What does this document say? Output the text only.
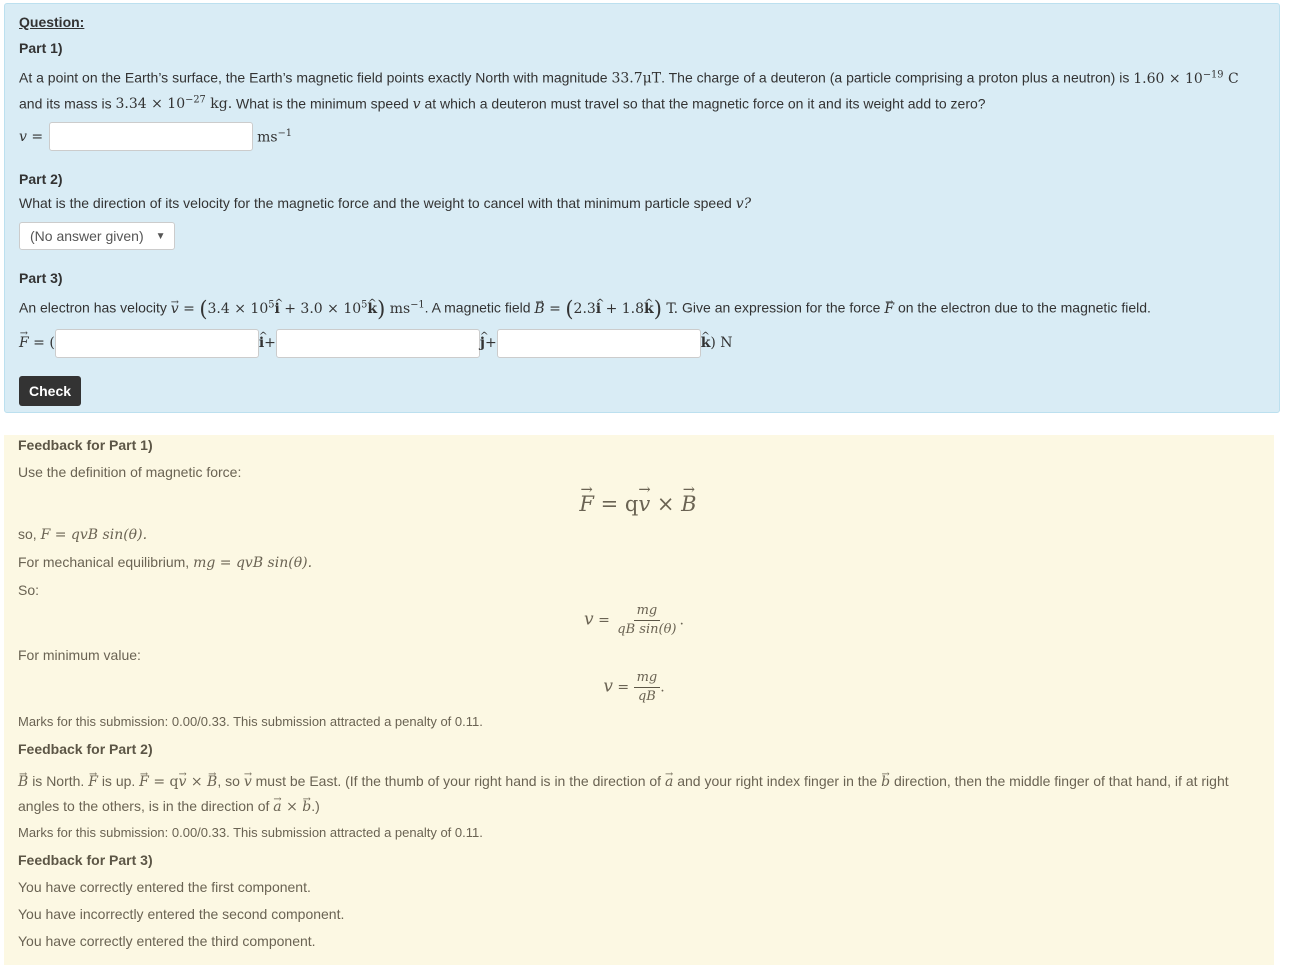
Question:

Part 1)

At a point on the Earth’s surface, the Earth’s magnetic field points exactly North with magnitude 33.7μT. The charge of a deuteron (a particle comprising a proton plus a neutron) is $1.60 \times 10^{-19}$ C
and its mass is $3.34 \times 10^{-27}$ kg. What is the minimum speed v at which a deuteron must travel so that the magnetic force on it and its weight add to zero?

v =	$ms^{-1}$

Part 2)

What is the direction of its velocity for the magnetic force and the weight to cancel with that minimum particle speed v?

(No answer given) ▼

Part 3)

An electron has velocity v → = ($3.4 \times 10^5i$ ^ + $3.0 \times 10^5k$ ^) $ms^{-1}$. A magnetic field B → = (2.3i ^ + 1.8k ^) T. Give an expression for the force F → on the electron due to the magnetic field.

F → = (	i ^+	j ^+	k ^) N
Check

Feedback for Part 1)

Use the definition of magnetic force:

F → = qv → × B →

so, F = qvB sin(θ).

For mechanical equilibrium, mg = qvB sin(θ).

So:

$v = \frac{mg}{\text{qB sin(θ)}}$ .

For minimum value:

$v = \frac{mg}{qB}$ .

Marks for this submission: 0.00/0.33. This submission attracted a penalty of 0.11.

Feedback for Part 2)

B → is North. F → is up. F → = qv → × B →, so v → must be East. (If the thumb of your right hand is in the direction of a → and your right index finger in the b → direction, then the middle finger of that hand, if at right angles to the others, is in the direction of a → × b →.)

Marks for this submission: 0.00/0.33. This submission attracted a penalty of 0.11.

Feedback for Part 3)

You have correctly entered the first component.

You have incorrectly entered the second component.

You have correctly entered the third component.
